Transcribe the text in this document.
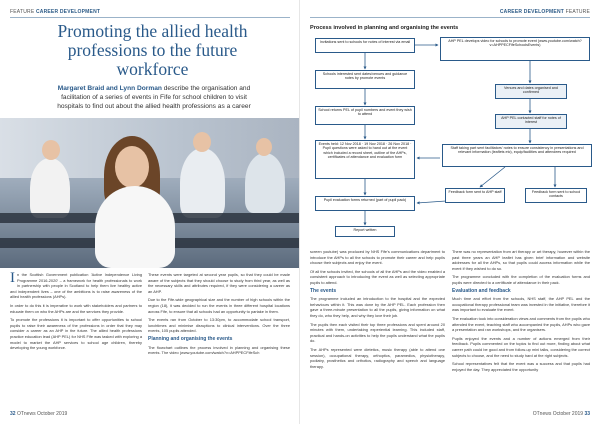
FEATURE CAREER DEVELOPMENT
Promoting the allied health professions to the future workforce
Margaret Braid and Lynn Dorman describe the organisation and facilitation of a series of events in Fife for school children to visit hospitals to find out about the allied health professions as a career

In the Scottish Government publication 'Active Independence Living Programme 2016-2020' – a framework for health professionals to work in partnership with people in Scotland to help them live healthy active and independent lives – one of the ambitions is to raise awareness of the allied health professions (AHPs).

In order to do this it is imperative to work with stakeholders and partners to educate them on who the AHPs are and the services they provide.

To promote the professions it is important to offer opportunities to school pupils to raise their awareness of the professions in order that they may consider a career as an AHP in the future. The allied health professions practice education lead (AHP PEL) for NHS Fife was tasked with exploring a model to market the AHP services to school age children, thereby developing the young workforce.

These events were targeted at second year pupils, so that they could be made aware of the subjects that they should choose to study from third year, as well as the necessary skills and attributes required, if they were considering a career as an AHP.

Due to the Fife-wide geographical size and the number of high schools within the region (18), it was decided to run the events in three different hospital locations across Fife, to ensure that all schools had an opportunity to partake in them.

The events ran from October to 13:30pm, to accommodate school transport, lunchtimes and minimise disruptions to clinical interventions. Over the three events, 105 pupils attended.

Planning and organising the events

The flowchart outlines the process involved in planning and organising these events. The video (www.youtube.com/watch?v=AHPPECFifeSch

32 OTnews October 2019
CAREER DEVELOPMENT FEATURE
Process involved in planning and organising the events
Invitations sent to schools for notes of interest via email
Schools interested sent dates/venues and guidance notes by promote events
School returns PEL of pupil numbers and event they wish to attend
Events held: 12 Nov 2018 · 19 Nov 2018 · 26 Nov 2018 · Pupil questions were asked to hand out at the event which included a record sheet, outline of the AHPs, certificates of attendance and evaluation form
Pupil evaluation forms returned (part of pupil pack)
Report written
AHP PEL develops video for schools to promote event (www.youtube.com/watch?v=AHPPECFifeSchoolsEvents)
Venues and dates organised and confirmed
AHP PEL contacted staff for notes of interest
Staff taking part sent facilitators' notes to ensure consistency in presentations and relevant information (leaflets etc), equip/facilities and attendees required
Feedback form sent to AHP staff	Feedback form sent to school contacts

screen youtube) was produced by NHS Fife's communications department to introduce the AHPs to all the schools to promote their career and help pupils choose their subjects and enjoy the event.

Of all the schools invited, the schools of all the AHPs and the video enabled a consistent approach to introducing the event as well as selecting appropriate pupils to attend.

The events

The programme included an introduction to the hospital and the expected behaviours within it. This was done by the AHP PEL. Each profession then gave a three-minute presentation to all the pupils, giving information on what they do, who they help, and why they love their job.

The pupils then each visited their top three professions and spent around 20 minutes with them, undertaking experiential learning. This included staff, practical and hands-on activities to help the pupils understand what the pupils do.

The AHPs represented were dietetics, music therapy (able to attend one session), occupational therapy, orthoptics, paramedics, physiotherapy, podiatry, prosthetics and orthotics, radiography and speech and language therapy.

There was no representation from art therapy or art therapy, however within the past three years an AHP leaflet has given brief information and website addresses for all the AHPs, so that pupils could access information while the event if they wished to do so.

The programme concluded with the completion of the evaluation forms and pupils were directed to a certificate of attendance in their pack.

Evaluation and feedback

Much time and effort from the schools, NHS staff, the AHP PEL and the occupational therapy professional team was invested in the initiative, therefore it was important to evaluate the event.

The evaluation took into consideration views and comments from the pupils who attended the event, teaching staff who accompanied the pupils, AHPs who gave a presentation and ran workshops, and the organisers.

Pupils enjoyed the events and a number of actions emerged from their feedback. Pupils commented on the topics to find out more, finding about what career path could be good and from follow-up mini talks, considering the correct subjects to choose, and the need to study hard at the right subjects.

School representatives felt that the event was a success and that pupils had enjoyed the day. They appreciated the opportunity

OTnews October 2019 33
